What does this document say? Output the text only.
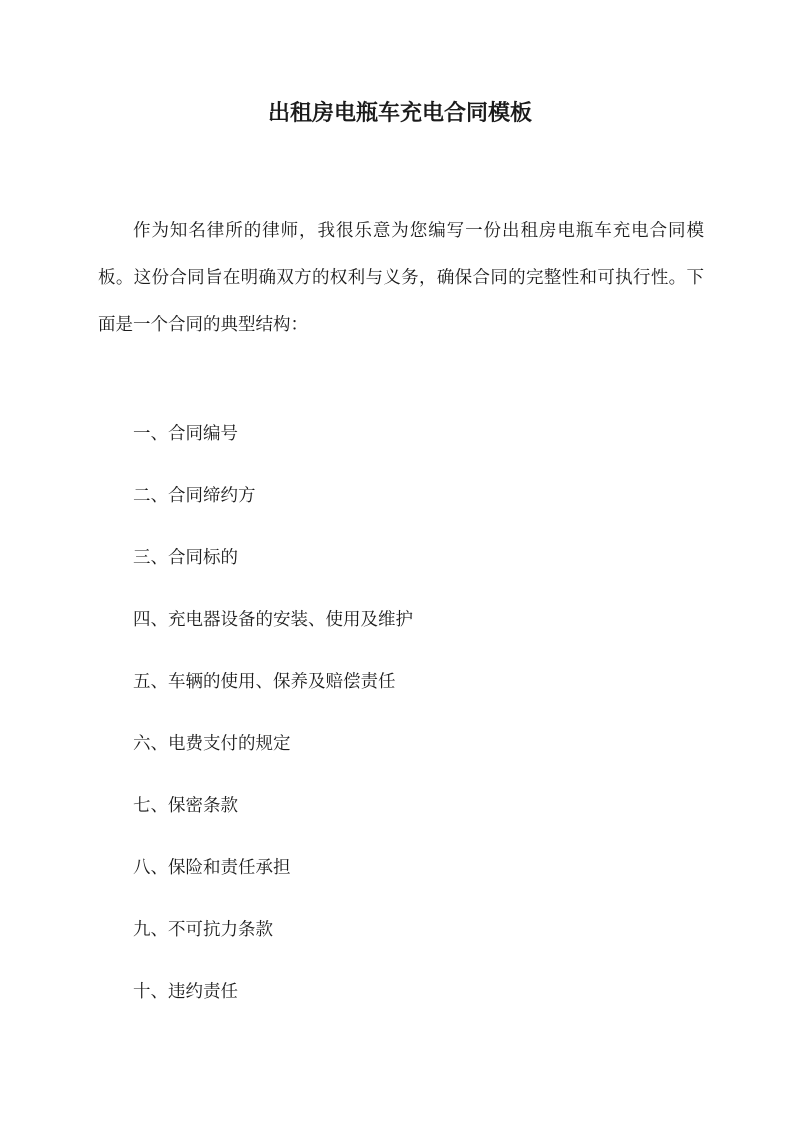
出租房电瓶车充电合同模板

作为知名律所的律师，我很乐意为您编写一份出租房电瓶车充电合同模板。这份合同旨在明确双方的权利与义务，确保合同的完整性和可执行性。下面是一个合同的典型结构：

一、合同编号
二、合同缔约方
三、合同标的
四、充电器设备的安装、使用及维护
五、车辆的使用、保养及赔偿责任
六、电费支付的规定
七、保密条款
八、保险和责任承担
九、不可抗力条款
十、违约责任
